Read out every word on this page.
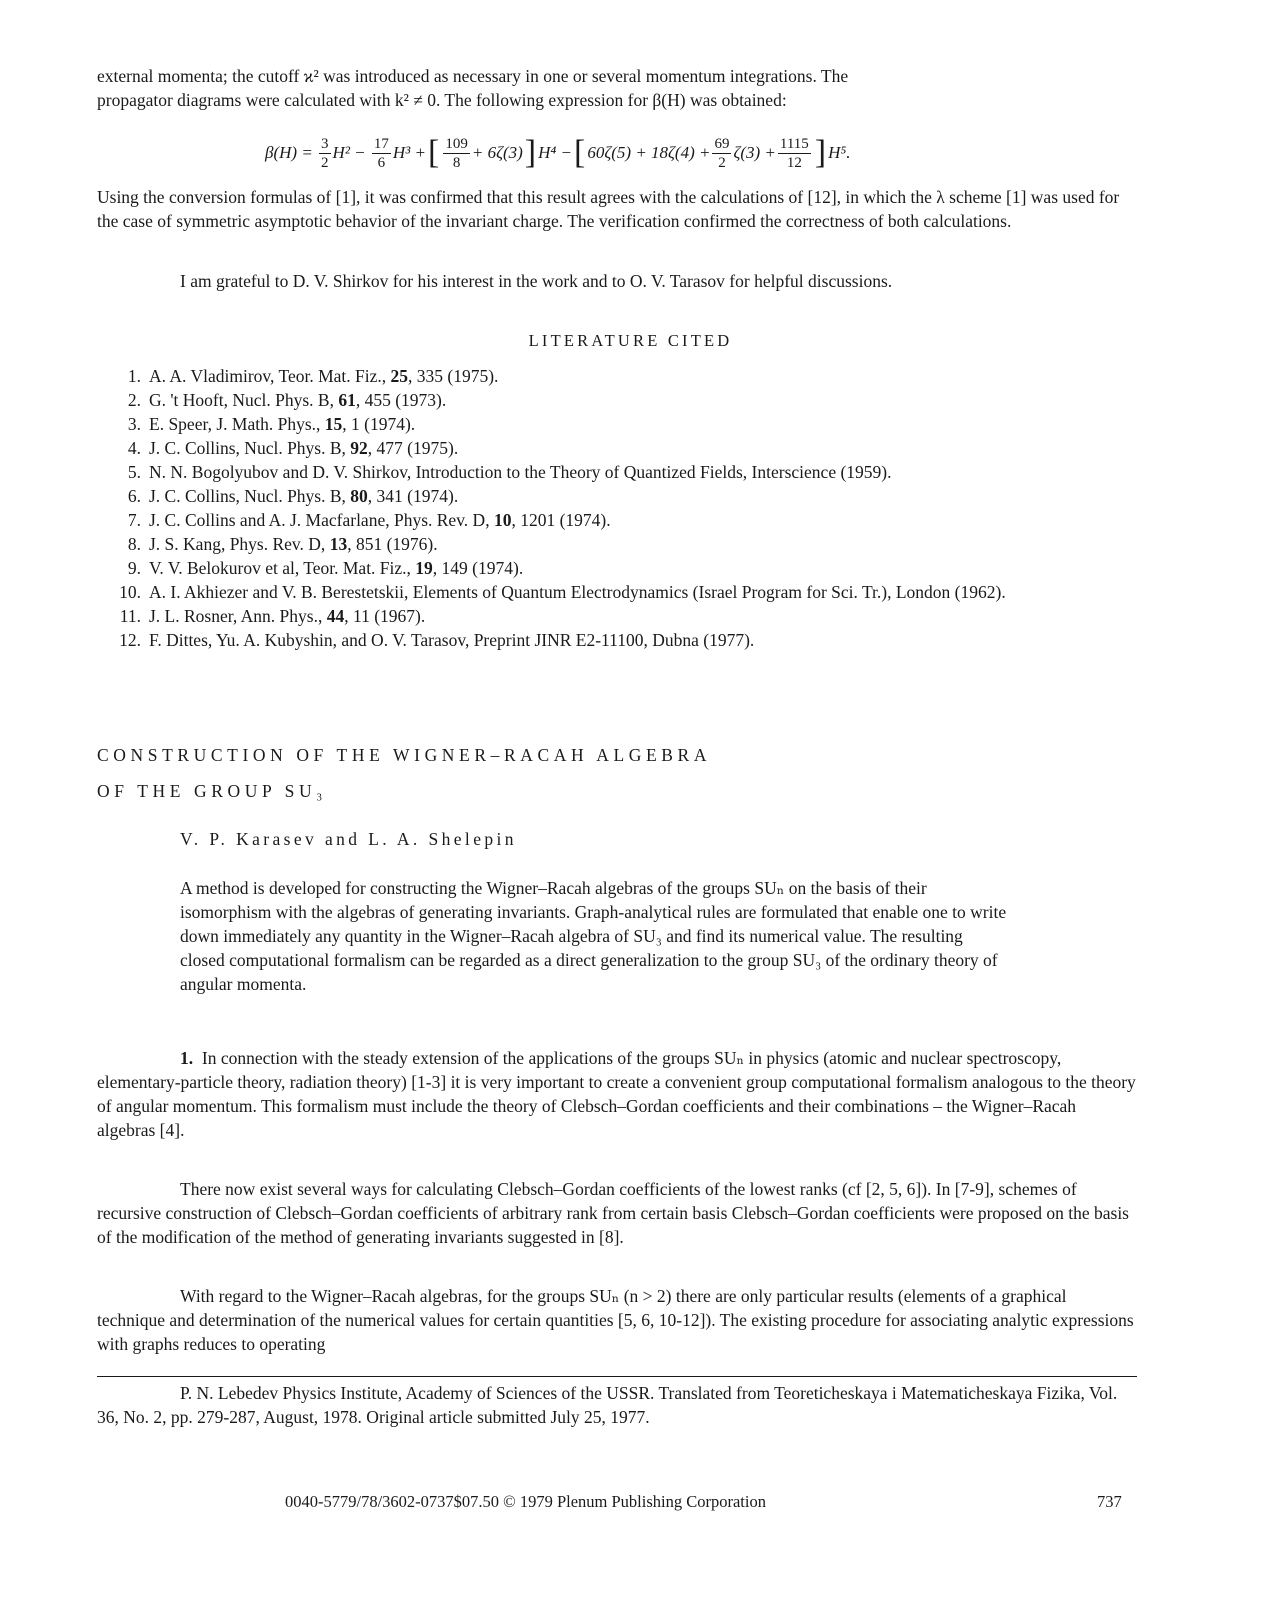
external momenta; the cutoff ϰ² was introduced as necessary in one or several momentum integrations. The
propagator diagrams were calculated with k² ≠ 0. The following expression for β(H) was obtained:

β(H) =
$\frac{3}{2} H^2$ −
$\frac{17}{6} H^3$ + [ $\frac{109}{8} + 6\zeta(3)$ ] H⁴ − [ $60\zeta(5) + 18\zeta(4) + \frac{69}{2} \zeta(3) + \frac{1115}{12}$ ] H⁵.

Using the conversion formulas of [1], it was confirmed that this result agrees with the calculations of [12], in which the λ scheme [1] was used for the case of symmetric asymptotic behavior of the invariant charge. The verification confirmed the correctness of both calculations.

I am grateful to D. V. Shirkov for his interest in the work and to O. V. Tarasov for helpful discussions.

LITERATURE CITED
1. A. A. Vladimirov, Teor. Mat. Fiz., 25, 335 (1975).
2. G. 't Hooft, Nucl. Phys. B, 61, 455 (1973).
3. E. Speer, J. Math. Phys., 15, 1 (1974).
4. J. C. Collins, Nucl. Phys. B, 92, 477 (1975).
5. N. N. Bogolyubov and D. V. Shirkov, Introduction to the Theory of Quantized Fields, Interscience (1959).
6. J. C. Collins, Nucl. Phys. B, 80, 341 (1974).
7. J. C. Collins and A. J. Macfarlane, Phys. Rev. D, 10, 1201 (1974).
8. J. S. Kang, Phys. Rev. D, 13, 851 (1976).
9. V. V. Belokurov et al, Teor. Mat. Fiz., 19, 149 (1974).
10. A. I. Akhiezer and V. B. Berestetskii, Elements of Quantum Electrodynamics (Israel Program for Sci. Tr.), London (1962).
11. J. L. Rosner, Ann. Phys., 44, 11 (1967).
12. F. Dittes, Yu. A. Kubyshin, and O. V. Tarasov, Preprint JINR E2-11100, Dubna (1977).
CONSTRUCTION OF THE WIGNER–RACAH ALGEBRA
OF THE GROUP SU₃
V. P. Karasev and L. A. Shelepin

A method is developed for constructing the Wigner–Racah algebras of the groups SUₙ on the basis of their isomorphism with the algebras of generating invariants. Graph-analytical rules are formulated that enable one to write down immediately any quantity in the Wigner–Racah algebra of SU₃ and find its numerical value. The resulting closed computational formalism can be regarded as a direct generalization to the group SU₃ of the ordinary theory of angular momenta.

1. In connection with the steady extension of the applications of the groups SUₙ in physics (atomic and nuclear spectroscopy, elementary-particle theory, radiation theory) [1-3] it is very important to create a convenient group computational formalism analogous to the theory of angular momentum. This formalism must include the theory of Clebsch–Gordan coefficients and their combinations – the Wigner–Racah algebras [4].

There now exist several ways for calculating Clebsch–Gordan coefficients of the lowest ranks (cf [2, 5, 6]). In [7-9], schemes of recursive construction of Clebsch–Gordan coefficients of arbitrary rank from certain basis Clebsch–Gordan coefficients were proposed on the basis of the modification of the method of generating invariants suggested in [8].

With regard to the Wigner–Racah algebras, for the groups SUₙ (n > 2) there are only particular results (elements of a graphical technique and determination of the numerical values for certain quantities [5, 6, 10-12]). The existing procedure for associating analytic expressions with graphs reduces to operating

P. N. Lebedev Physics Institute, Academy of Sciences of the USSR. Translated from Teoreticheskaya i Matematicheskaya Fizika, Vol. 36, No. 2, pp. 279-287, August, 1978. Original article submitted July 25, 1977.

0040-5779/78/3602-0737$07.50 © 1979 Plenum Publishing Corporation	737
